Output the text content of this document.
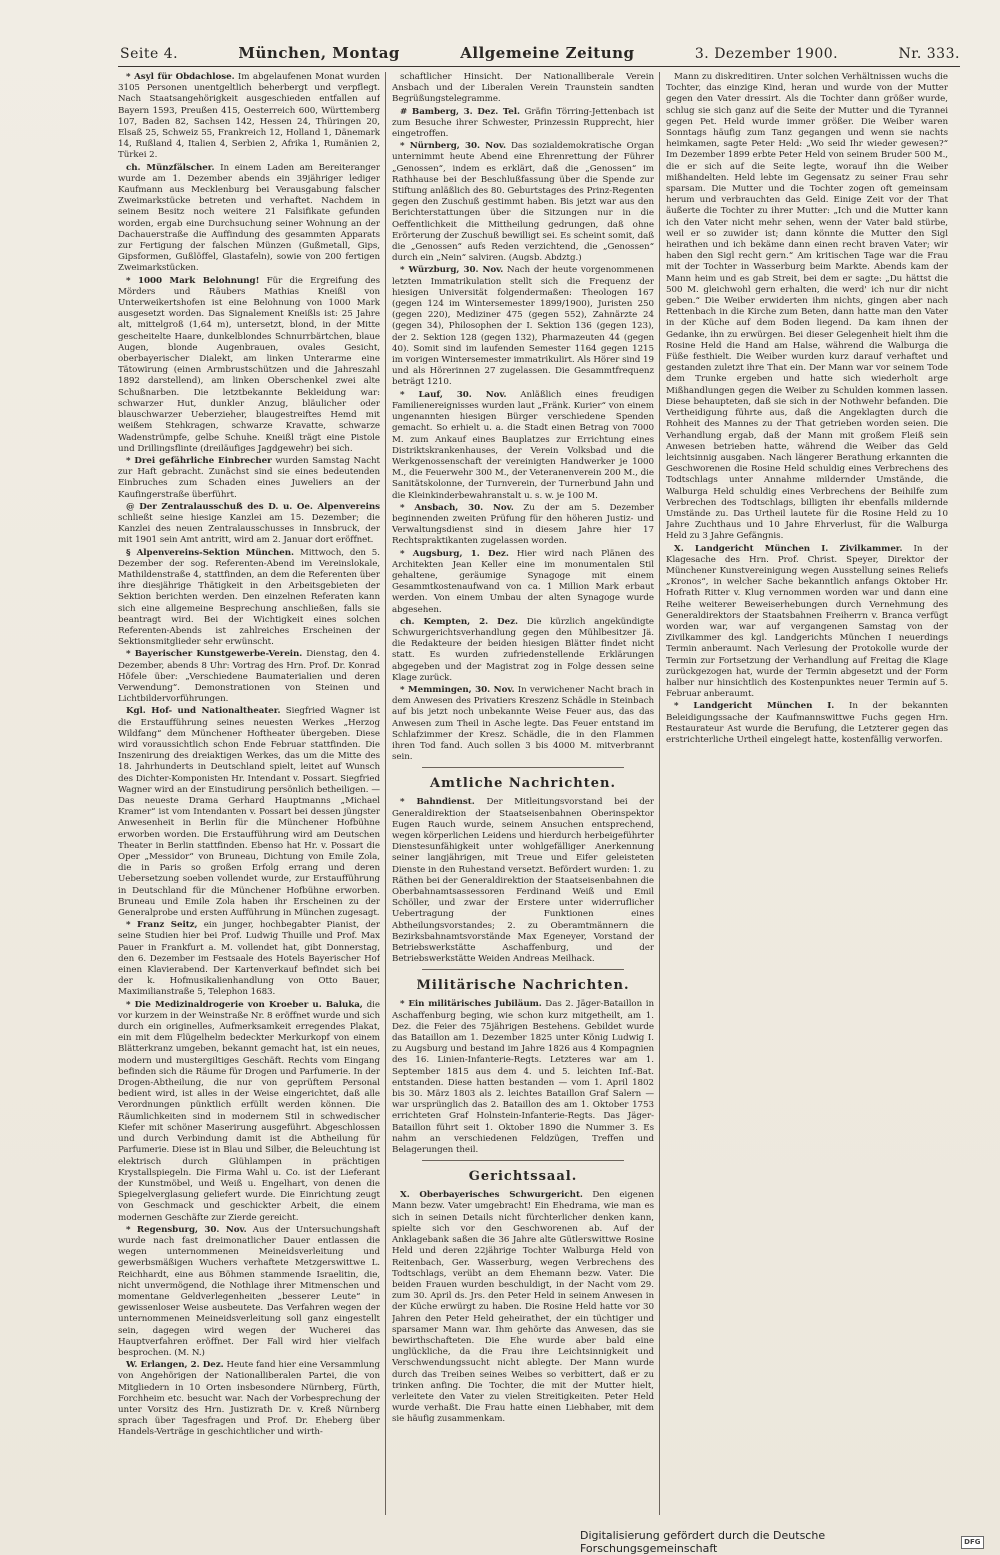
Seite 4.	München, Montag	Allgemeine Zeitung	3. Dezember 1900.	Nr. 333.

* Asyl für Obdachlose. Im abgelaufenen Monat wurden 3105 Personen unentgeltlich beherbergt und verpflegt. Nach Staatsangehörigkeit ausgeschieden entfallen auf Bayern 1593, Preußen 415, Oesterreich 600, Württemberg 107, Baden 82, Sachsen 142, Hessen 24, Thüringen 20, Elsaß 25, Schweiz 55, Frankreich 12, Holland 1, Dänemark 14, Rußland 4, Italien 4, Serbien 2, Afrika 1, Rumänien 2, Türkei 2.

ch. Münzfälscher. In einem Laden am Bereiteranger wurde am 1. Dezember abends ein 39jähriger lediger Kaufmann aus Mecklenburg bei Verausgabung falscher Zweimarkstücke betreten und verhaftet. Nachdem in seinem Besitz noch weitere 21 Falsifikate gefunden worden, ergab eine Durchsuchung seiner Wohnung an der Dachauerstraße die Auffindung des gesammten Apparats zur Fertigung der falschen Münzen (Gußmetall, Gips, Gipsformen, Gußlöffel, Glastafeln), sowie von 200 fertigen Zweimarkstücken.

* 1000 Mark Belohnung! Für die Ergreifung des Mörders und Räubers Mathias Kneißl von Unterweikertshofen ist eine Belohnung von 1000 Mark ausgesetzt worden. Das Signalement Kneißls ist: 25 Jahre alt, mittelgroß (1,64 m), untersetzt, blond, in der Mitte gescheitelte Haare, dunkelblondes Schnurrbärtchen, blaue Augen, blonde Augenbrauen, ovales Gesicht, oberbayerischer Dialekt, am linken Unterarme eine Tätowirung (einen Armbrustschützen und die Jahreszahl 1892 darstellend), am linken Oberschenkel zwei alte Schußnarben. Die letztbekannte Bekleidung war: schwarzer Hut, dunkler Anzug, bläulicher oder blauschwarzer Ueberzieher, blaugestreiftes Hemd mit weißem Stehkragen, schwarze Kravatte, schwarze Wadenstrümpfe, gelbe Schuhe. Kneißl trägt eine Pistole und Drillingsflinte (dreiläufiges Jagdgewehr) bei sich.

* Drei gefährliche Einbrecher wurden Samstag Nacht zur Haft gebracht. Zunächst sind sie eines bedeutenden Einbruches zum Schaden eines Juweliers an der Kaufingerstraße überführt.

@ Der Zentralausschuß des D. u. Oe. Alpenvereins schließt seine hiesige Kanzlei am 15. Dezember; die Kanzlei des neuen Zentralausschusses in Innsbruck, der mit 1901 sein Amt antritt, wird am 2. Januar dort eröffnet.

§ Alpenvereins-Sektion München. Mittwoch, den 5. Dezember der sog. Referenten-Abend im Vereinslokale, Mathildenstraße 4, stattfinden, an dem die Referenten über ihre diesjährige Thätigkeit in den Arbeitsgebieten der Sektion berichten werden. Den einzelnen Referaten kann sich eine allgemeine Besprechung anschließen, falls sie beantragt wird. Bei der Wichtigkeit eines solchen Referenten-Abends ist zahlreiches Erscheinen der Sektionsmitglieder sehr erwünscht.

* Bayerischer Kunstgewerbe-Verein. Dienstag, den 4. Dezember, abends 8 Uhr: Vortrag des Hrn. Prof. Dr. Konrad Höfele über: „Verschiedene Baumaterialien und deren Verwendung“. Demonstrationen von Steinen und Lichtbildervorführungen.

Kgl. Hof- und Nationaltheater. Siegfried Wagner ist die Erstaufführung seines neuesten Werkes „Herzog Wildfang“ dem Münchener Hoftheater übergeben. Diese wird voraussichtlich schon Ende Februar stattfinden. Die Inszenirung des dreiaktigen Werkes, das um die Mitte des 18. Jahrhunderts in Deutschland spielt, leitet auf Wunsch des Dichter-Komponisten Hr. Intendant v. Possart. Siegfried Wagner wird an der Einstudirung persönlich betheiligen. — Das neueste Drama Gerhard Hauptmanns „Michael Kramer“ ist vom Intendanten v. Possart bei dessen jüngster Anwesenheit in Berlin für die Münchener Hofbühne erworben worden. Die Erstaufführung wird am Deutschen Theater in Berlin stattfinden. Ebenso hat Hr. v. Possart die Oper „Messidor“ von Bruneau, Dichtung von Emile Zola, die in Paris so großen Erfolg errang und deren Uebersetzung soeben vollendet wurde, zur Erstaufführung in Deutschland für die Münchener Hofbühne erworben. Bruneau und Emile Zola haben ihr Erscheinen zu der Generalprobe und ersten Aufführung in München zugesagt.

* Franz Seitz, ein junger, hochbegabter Pianist, der seine Studien hier bei Prof. Ludwig Thuille und Prof. Max Pauer in Frankfurt a. M. vollendet hat, gibt Donnerstag, den 6. Dezember im Festsaale des Hotels Bayerischer Hof einen Klavierabend. Der Kartenverkauf befindet sich bei der k. Hofmusikalienhandlung von Otto Bauer, Maximilianstraße 5, Telephon 1683.

* Die Medizinaldrogerie von Kroeber u. Baluka, die vor kurzem in der Weinstraße Nr. 8 eröffnet wurde und sich durch ein originelles, Aufmerksamkeit erregendes Plakat, ein mit dem Flügelhelm bedeckter Merkurkopf von einem Blätterkranz umgeben, bekannt gemacht hat, ist ein neues, modern und mustergiltiges Geschäft. Rechts vom Eingang befinden sich die Räume für Drogen und Parfumerie. In der Drogen-Abtheilung, die nur von geprüftem Personal bedient wird, ist alles in der Weise eingerichtet, daß alle Verordnungen pünktlich erfüllt werden können. Die Räumlichkeiten sind in modernem Stil in schwedischer Kiefer mit schöner Maserirung ausgeführt. Abgeschlossen und durch Verbindung damit ist die Abtheilung für Parfumerie. Diese ist in Blau und Silber, die Beleuchtung ist elektrisch durch Glühlampen in prächtigen Krystallspiegeln. Die Firma Wahl u. Co. ist der Lieferant der Kunstmöbel, und Weiß u. Engelhart, von denen die Spiegelverglasung geliefert wurde. Die Einrichtung zeugt von Geschmack und geschickter Arbeit, die einem modernen Geschäfte zur Zierde gereicht.

* Regensburg, 30. Nov. Aus der Untersuchungshaft wurde nach fast dreimonatlicher Dauer entlassen die wegen unternommenen Meineidsverleitung und gewerbsmäßigen Wuchers verhaftete Metzgerswittwe L. Reichhardt, eine aus Böhmen stammende Israelitin, die, nicht unvermögend, die Nothlage ihrer Mitmenschen und momentane Geldverlegenheiten „besserer Leute“ in gewissenloser Weise ausbeutete. Das Verfahren wegen der unternommenen Meineidsverleitung soll ganz eingestellt sein, dagegen wird wegen der Wucherei das Hauptverfahren eröffnet. Der Fall wird hier vielfach besprochen. (M. N.)

W. Erlangen, 2. Dez. Heute fand hier eine Versammlung von Angehörigen der Nationalliberalen Partei, die von Mitgliedern in 10 Orten insbesondere Nürnberg, Fürth, Forchheim etc. besucht war. Nach der Vorbesprechung der unter Vorsitz des Hrn. Justizrath Dr. v. Kreß Nürnberg sprach über Tagesfragen und Prof. Dr. Eheberg über Handels-Verträge in geschichtlicher und wirth-

schaftlicher Hinsicht. Der Nationalliberale Verein Ansbach und der Liberalen Verein Traunstein sandten Begrüßungstelegramme.

# Bamberg, 3. Dez. Tel. Gräfin Törring-Jettenbach ist zum Besuche ihrer Schwester, Prinzessin Rupprecht, hier eingetroffen.

* Nürnberg, 30. Nov. Das sozialdemokratische Organ unternimmt heute Abend eine Ehrenrettung der Führer „Genossen“, indem es erklärt, daß die „Genossen“ im Rathhause bei der Beschlußfassung über die Spende zur Stiftung anläßlich des 80. Geburtstages des Prinz-Regenten gegen den Zuschuß gestimmt haben. Bis jetzt war aus den Berichterstattungen über die Sitzungen nur in die Oeffentlichkeit die Mittheilung gedrungen, daß ohne Erörterung der Zuschuß bewilligt sei. Es scheint somit, daß die „Genossen“ aufs Reden verzichtend, die „Genossen“ durch ein „Nein“ salviren. (Augsb. Abdztg.)

* Würzburg, 30. Nov. Nach der heute vorgenommenen letzten Immatrikulation stellt sich die Frequenz der hiesigen Universität folgendermaßen: Theologen 167 (gegen 124 im Wintersemester 1899/1900), Juristen 250 (gegen 220), Mediziner 475 (gegen 552), Zahnärzte 24 (gegen 34), Philosophen der I. Sektion 136 (gegen 123), der 2. Sektion 128 (gegen 132), Pharmazeuten 44 (gegen 40). Somit sind im laufenden Semester 1164 gegen 1215 im vorigen Wintersemester immatrikulirt. Als Hörer sind 19 und als Hörerinnen 27 zugelassen. Die Gesammtfrequenz beträgt 1210.

* Lauf, 30. Nov. Anläßlich eines freudigen Familienereignisses wurden laut „Fränk. Kurier“ von einem ungenannten hiesigen Bürger verschiedene Spenden gemacht. So erhielt u. a. die Stadt einen Betrag von 7000 M. zum Ankauf eines Bauplatzes zur Errichtung eines Distriktskrankenhauses, der Verein Volksbad und die Werkgenossenschaft der vereinigten Handwerker je 1000 M., die Feuerwehr 300 M., der Veteranenverein 200 M., die Sanitätskolonne, der Turnverein, der Turnerbund Jahn und die Kleinkinderbewahranstalt u. s. w. je 100 M.

* Ansbach, 30. Nov. Zu der am 5. Dezember beginnenden zweiten Prüfung für den höheren Justiz- und Verwaltungsdienst sind in diesem Jahre hier 17 Rechtspraktikanten zugelassen worden.

* Augsburg, 1. Dez. Hier wird nach Plänen des Architekten Jean Keller eine im monumentalen Stil gehaltene, geräumige Synagoge mit einem Gesammtkostenaufwand von ca. 1 Million Mark erbaut werden. Von einem Umbau der alten Synagoge wurde abgesehen.

ch. Kempten, 2. Dez. Die kürzlich angekündigte Schwurgerichtsverhandlung gegen den Mühlbesitzer Jä. die Redakteure der beiden hiesigen Blätter findet nicht statt. Es wurden zufriedenstellende Erklärungen abgegeben und der Magistrat zog in Folge dessen seine Klage zurück.

* Memmingen, 30. Nov. In verwichener Nacht brach in dem Anwesen des Privatiers Kreszenz Schädle in Steinbach auf bis jetzt noch unbekannte Weise Feuer aus, das das Anwesen zum Theil in Asche legte. Das Feuer entstand im Schlafzimmer der Kresz. Schädle, die in den Flammen ihren Tod fand. Auch sollen 3 bis 4000 M. mitverbrannt sein.

Amtliche Nachrichten.

* Bahndienst. Der Mitleitungsvorstand bei der Generaldirektion der Staatseisenbahnen Oberinspektor Eugen Rauch wurde, seinem Ansuchen entsprechend, wegen körperlichen Leidens und hierdurch herbeigeführter Dienstesunfähigkeit unter wohlgefälliger Anerkennung seiner langjährigen, mit Treue und Eifer geleisteten Dienste in den Ruhestand versetzt. Befördert wurden: 1. zu Räthen bei der Generaldirektion der Staatseisenbahnen die Oberbahnamtsassessoren Ferdinand Weiß und Emil Schöller, und zwar der Erstere unter widerruflicher Uebertragung der Funktionen eines Abtheilungsvorstandes; 2. zu Oberamtmännern die Bezirksbahnamtsvorstände Max Egeneyer, Vorstand der Betriebswerkstätte Aschaffenburg, und der Betriebswerkstätte Weiden Andreas Meilhack.

Militärische Nachrichten.

* Ein militärisches Jubiläum. Das 2. Jäger-Bataillon in Aschaffenburg beging, wie schon kurz mitgetheilt, am 1. Dez. die Feier des 75jährigen Bestehens. Gebildet wurde das Bataillon am 1. Dezember 1825 unter König Ludwig I. zu Augsburg und bestand im Jahre 1826 aus 4 Kompagnien des 16. Linien-Infanterie-Regts. Letzteres war am 1. September 1815 aus dem 4. und 5. leichten Inf.-Bat. entstanden. Diese hatten bestanden — vom 1. April 1802 bis 30. März 1803 als 2. leichtes Bataillon Graf Salern — war ursprünglich das 2. Bataillon des am 1. Oktober 1753 errichteten Graf Holnstein-Infanterie-Regts. Das Jäger-Bataillon führt seit 1. Oktober 1890 die Nummer 3. Es nahm an verschiedenen Feldzügen, Treffen und Belagerungen theil.

Gerichtssaal.

X. Oberbayerisches Schwurgericht. Den eigenen Mann bezw. Vater umgebracht! Ein Ehedrama, wie man es sich in seinen Details nicht fürchterlicher denken kann, spielte sich vor den Geschworenen ab. Auf der Anklagebank saßen die 36 Jahre alte Gütlerswittwe Rosine Held und deren 22jährige Tochter Walburga Held von Reitenbach, Ger. Wasserburg, wegen Verbrechens des Todtschlags, verübt an dem Ehemann bezw. Vater. Die beiden Frauen wurden beschuldigt, in der Nacht vom 29. zum 30. April ds. Jrs. den Peter Held in seinem Anwesen in der Küche erwürgt zu haben. Die Rosine Held hatte vor 30 Jahren den Peter Held geheirathet, der ein tüchtiger und sparsamer Mann war. Ihm gehörte das Anwesen, das sie bewirthschafteten. Die Ehe wurde aber bald eine unglückliche, da die Frau ihre Leichtsinnigkeit und Verschwendungssucht nicht ablegte. Der Mann wurde durch das Treiben seines Weibes so verbittert, daß er zu trinken anfing. Die Tochter, die mit der Mutter hielt, verleitete den Vater zu vielen Streitigkeiten. Peter Held wurde verhaßt. Die Frau hatte einen Liebhaber, mit dem sie häufig zusammenkam.

Mann zu diskreditiren. Unter solchen Verhältnissen wuchs die Tochter, das einzige Kind, heran und wurde von der Mutter gegen den Vater dressirt. Als die Tochter dann größer wurde, schlug sie sich ganz auf die Seite der Mutter und die Tyrannei gegen Pet. Held wurde immer größer. Die Weiber waren Sonntags häufig zum Tanz gegangen und wenn sie nachts heimkamen, sagte Peter Held: „Wo seid Ihr wieder gewesen?“ Im Dezember 1899 erbte Peter Held von seinem Bruder 500 M., die er sich auf die Seite legte, worauf ihn die Weiber mißhandelten. Held lebte im Gegensatz zu seiner Frau sehr sparsam. Die Mutter und die Tochter zogen oft gemeinsam herum und verbrauchten das Geld. Einige Zeit vor der That äußerte die Tochter zu ihrer Mutter: „Ich und die Mutter kann ich den Vater nicht mehr sehen, wenn der Vater bald stürbe, weil er so zuwider ist; dann könnte die Mutter den Sigl heirathen und ich bekäme dann einen recht braven Vater; wir haben den Sigl recht gern.“ Am kritischen Tage war die Frau mit der Tochter in Wasserburg beim Markte. Abends kam der Mann heim und es gab Streit, bei dem er sagte: „Du hättst die 500 M. gleichwohl gern erhalten, die werd' ich nur dir nicht geben.“ Die Weiber erwiderten ihm nichts, gingen aber nach Rettenbach in die Kirche zum Beten, dann hatte man den Vater in der Küche auf dem Boden liegend. Da kam ihnen der Gedanke, ihn zu erwürgen. Bei dieser Gelegenheit hielt ihm die Rosine Held die Hand am Halse, während die Walburga die Füße festhielt. Die Weiber wurden kurz darauf verhaftet und gestanden zuletzt ihre That ein. Der Mann war vor seinem Tode dem Trunke ergeben und hatte sich wiederholt arge Mißhandlungen gegen die Weiber zu Schulden kommen lassen. Diese behaupteten, daß sie sich in der Nothwehr befanden. Die Vertheidigung führte aus, daß die Angeklagten durch die Rohheit des Mannes zu der That getrieben worden seien. Die Verhandlung ergab, daß der Mann mit großem Fleiß sein Anwesen betrieben hatte, während die Weiber das Geld leichtsinnig ausgaben. Nach längerer Berathung erkannten die Geschworenen die Rosine Held schuldig eines Verbrechens des Todtschlags unter Annahme mildernder Umstände, die Walburga Held schuldig eines Verbrechens der Beihilfe zum Verbrechen des Todtschlags, billigten ihr ebenfalls mildernde Umstände zu. Das Urtheil lautete für die Rosine Held zu 10 Jahre Zuchthaus und 10 Jahre Ehrverlust, für die Walburga Held zu 3 Jahre Gefängnis.

X. Landgericht München I. Zivilkammer. In der Klagesache des Hrn. Prof. Christ. Speyer, Direktor der Münchener Kunstvereinigung wegen Ausstellung seines Reliefs „Kronos“, in welcher Sache bekanntlich anfangs Oktober Hr. Hofrath Ritter v. Klug vernommen worden war und dann eine Reihe weiterer Beweiserhebungen durch Vernehmung des Generaldirektors der Staatsbahnen Freiherrn v. Branca verfügt worden war, war auf vergangenen Samstag von der Zivilkammer des kgl. Landgerichts München I neuerdings Termin anberaumt. Nach Verlesung der Protokolle wurde der Termin zur Fortsetzung der Verhandlung auf Freitag die Klage zurückgezogen hat, wurde der Termin abgesetzt und der Form halber nur hinsichtlich des Kostenpunktes neuer Termin auf 5. Februar anberaumt.

* Landgericht München I. In der bekannten Beleidigungssache der Kaufmannswittwe Fuchs gegen Hrn. Restaurateur Ast wurde die Berufung, die Letzterer gegen das erstrichterliche Urtheil eingelegt hatte, kostenfällig verworfen.

Digitalisierung gefördert durch die Deutsche Forschungsgemeinschaft
DFG
